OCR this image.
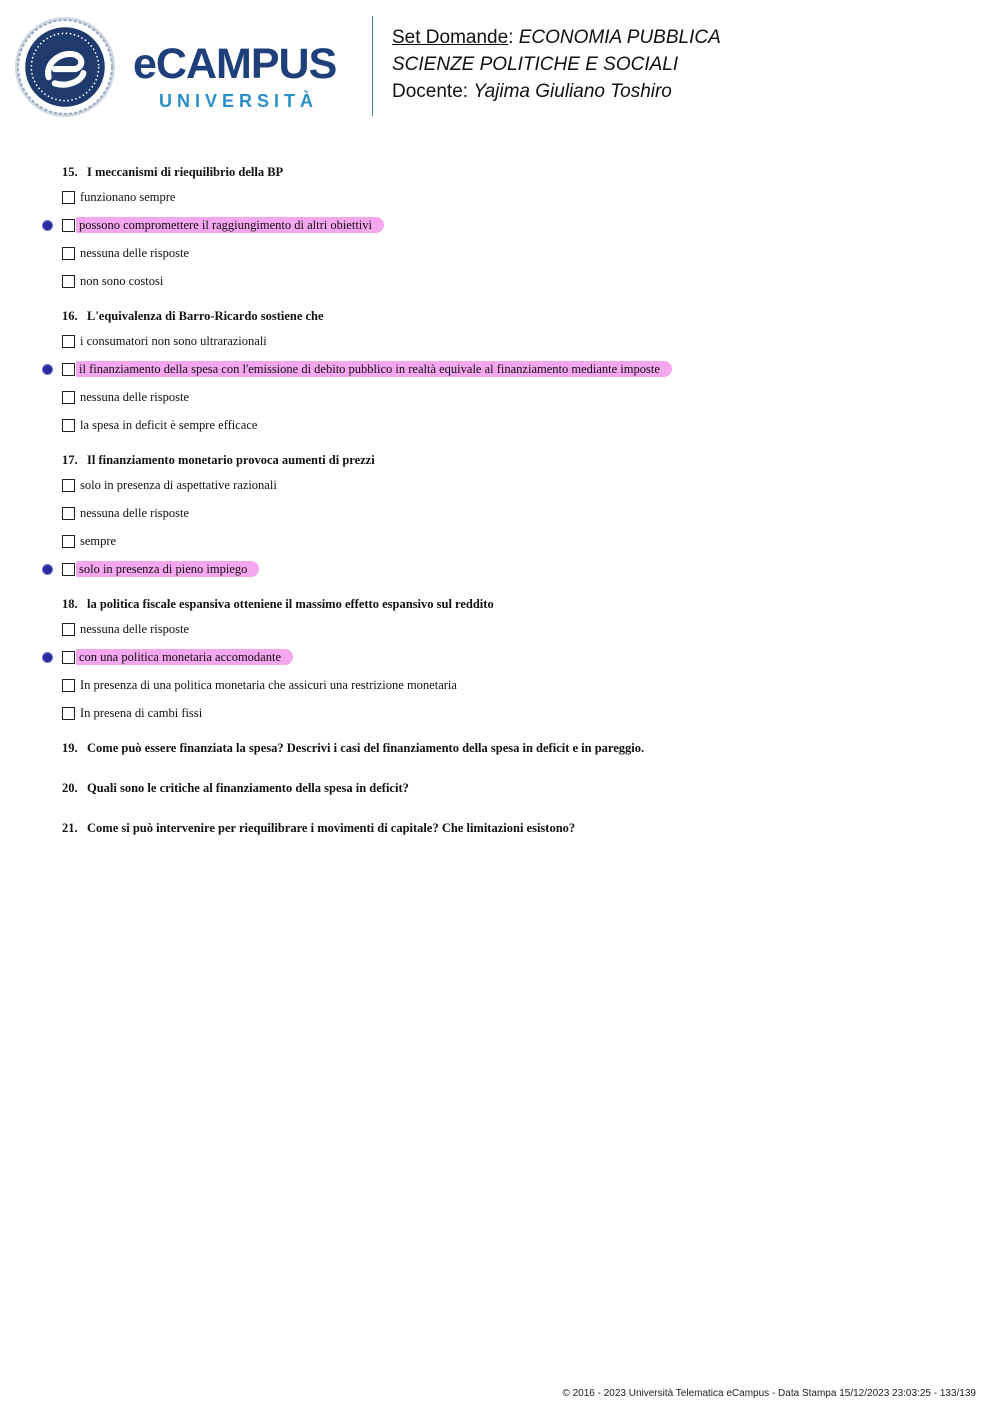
eCAMPUS
UNIVERSITÀ
Set Domande: ECONOMIA PUBBLICA
SCIENZE POLITICHE E SOCIALI
Docente: Yajima Giuliano Toshiro
15. I meccanismi di riequilibrio della BP
funzionano sempre
possono compromettere il raggiungimento di altri obiettivi
nessuna delle risposte
non sono costosi
16. L'equivalenza di Barro-Ricardo sostiene che
i consumatori non sono ultrarazionali
il finanziamento della spesa con l'emissione di debito pubblico in realtà equivale al finanziamento mediante imposte
nessuna delle risposte
la spesa in deficit è sempre efficace
17. Il finanziamento monetario provoca aumenti di prezzi
solo in presenza di aspettative razionali
nessuna delle risposte
sempre
solo in presenza di pieno impiego
18. la politica fiscale espansiva otteniene il massimo effetto espansivo sul reddito
nessuna delle risposte
con una politica monetaria accomodante
In presenza di una politica monetaria che assicuri una restrizione monetaria
In presena di cambi fissi
19. Come può essere finanziata la spesa? Descrivi i casi del finanziamento della spesa in deficit e in pareggio.
20. Quali sono le critiche al finanziamento della spesa in deficit?
21. Come si può intervenire per riequilibrare i movimenti di capitale? Che limitazioni esistono?
© 2016 - 2023 Università Telematica eCampus - Data Stampa 15/12/2023 23:03:25 - 133/139
